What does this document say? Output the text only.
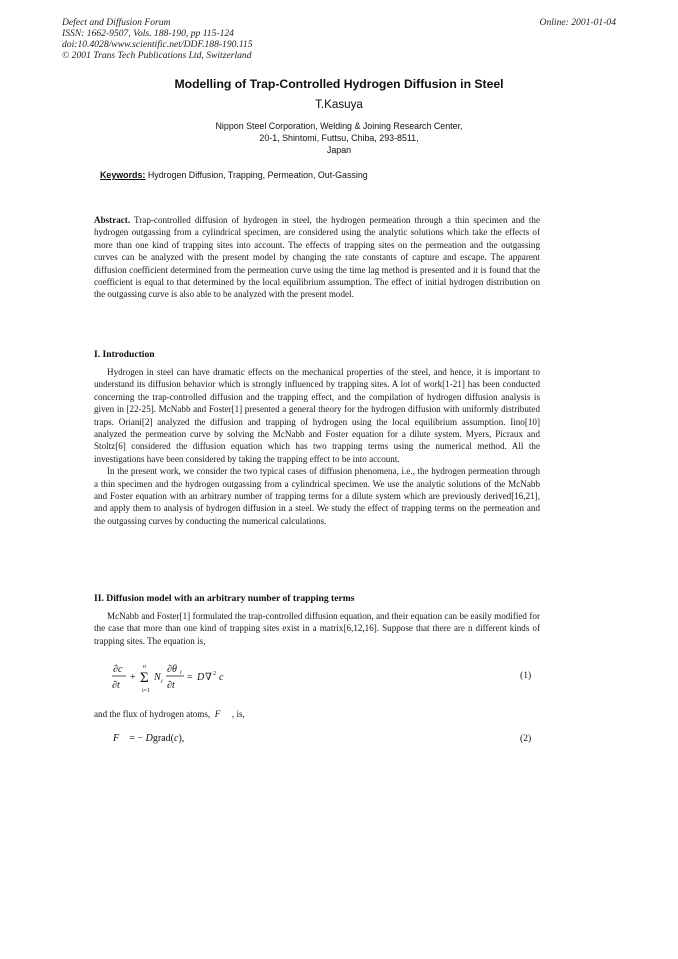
Defect and Diffusion Forum
ISSN: 1662-9507, Vols. 188-190, pp 115-124
doi:10.4028/www.scientific.net/DDF.188-190.115
© 2001 Trans Tech Publications Ltd, Switzerland
Online: 2001-01-04
Modelling of Trap-Controlled Hydrogen Diffusion in Steel
T.Kasuya
Nippon Steel Corporation, Welding & Joining Research Center,
20-1, Shintomi, Futtsu, Chiba, 293-8511,
Japan
Keywords: Hydrogen Diffusion, Trapping, Permeation, Out-Gassing
Abstract. Trap-controlled diffusion of hydrogen in steel, the hydrogen permeation through a thin specimen and the hydrogen outgassing from a cylindrical specimen, are considered using the analytic solutions which take the effects of more than one kind of trapping sites into account. The effects of trapping sites on the permeation and the outgassing curves can be analyzed with the present model by changing the rate constants of capture and escape. The apparent diffusion coefficient determined from the permeation curve using the time lag method is presented and it is found that the coefficient is equal to that determined by the local equilibrium assumption. The effect of initial hydrogen distribution on the outgassing curve is also able to be analyzed with the present model.
I. Introduction
Hydrogen in steel can have dramatic effects on the mechanical properties of the steel, and hence, it is important to understand its diffusion behavior which is strongly influenced by trapping sites. A lot of work[1-21] has been conducted concerning the trap-controlled diffusion and the trapping effect, and the compilation of hydrogen diffusion analysis is given in [22-25]. McNabb and Foster[1] presented a general theory for the hydrogen diffusion with uniformly distributed traps. Oriani[2] analyzed the diffusion and trapping of hydrogen using the local equilibrium assumption. Iino[10] analyzed the permeation curve by solving the McNabb and Foster equation for a dilute system. Myers, Picraux and Stoltz[6] considered the diffusion equation which has two trapping terms using the numerical method. All the investigations have been considered by taking the trapping effect to be into account.
In the present work, we consider the two typical cases of diffusion phenomena, i.e., the hydrogen permeation through a thin specimen and the hydrogen outgassing from a cylindrical specimen. We use the analytic solutions of the McNabb and Foster equation with an arbitrary number of trapping terms for a dilute system which are previously derived[16,21], and apply them to analysis of hydrogen diffusion in a steel. We study the effect of trapping terms on the permeation and the outgassing curves by conducting the numerical calculations.
II. Diffusion model with an arbitrary number of trapping terms
McNabb and Foster[1] formulated the trap-controlled diffusion equation, and their equation can be easily modified for the case that more than one kind of trapping sites exist in a matrix[6,12,16]. Suppose that there are n different kinds of trapping sites. The equation is,
∂c
∂t
+ Σ
n
i=1
N i
∂θ i
∂t
= D ∇ 2 c	(1)
and the flux of hydrogen atoms,  F⃗  , is,
F⃗ = − Dgrad(c),	(2)
